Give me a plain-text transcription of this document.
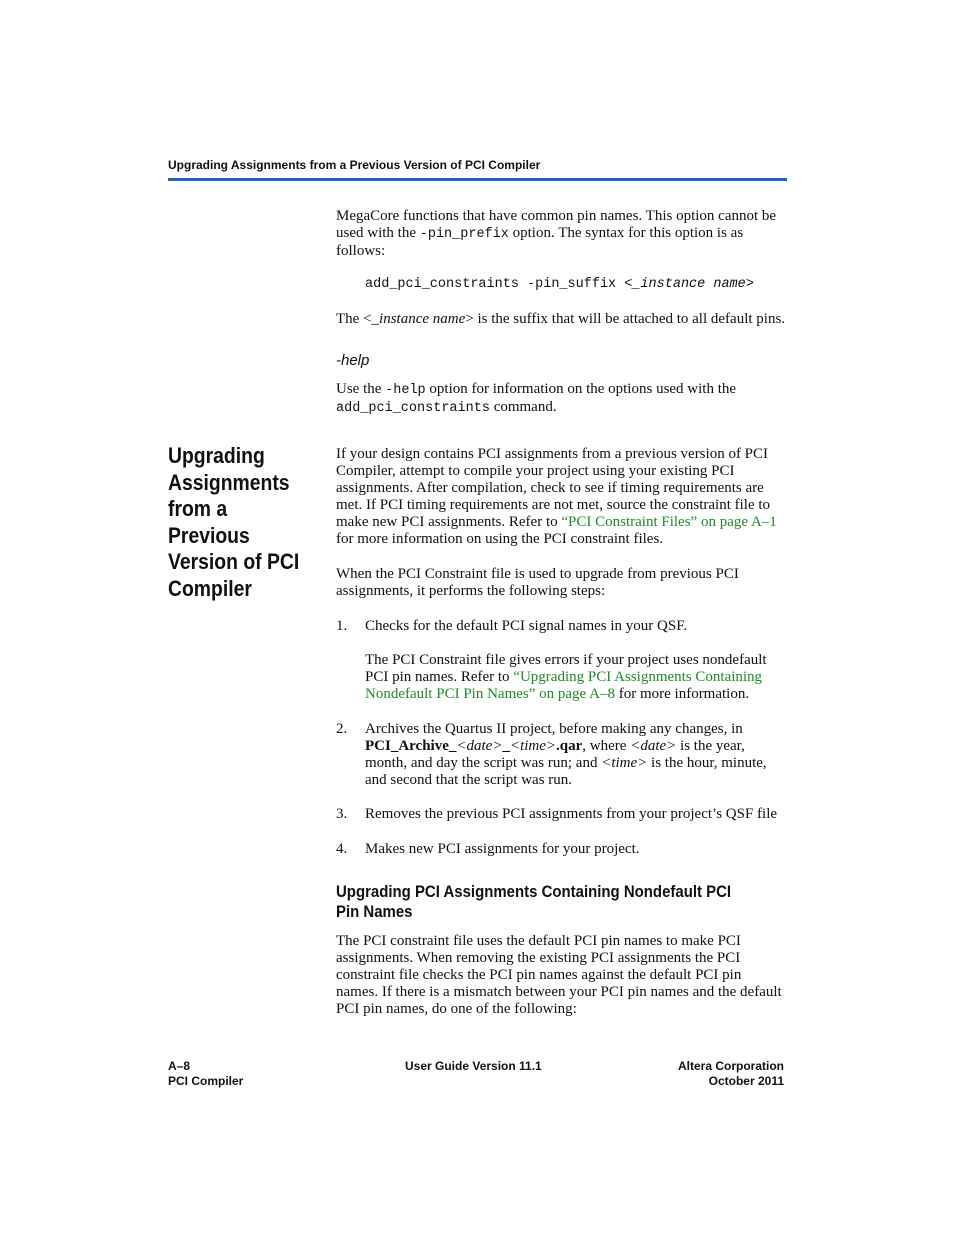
Upgrading Assignments from a Previous Version of PCI Compiler
MegaCore functions that have common pin names. This option cannot be used with the -pin_prefix option. The syntax for this option is as follows:
add_pci_constraints -pin_suffix <_instance name>
The <_instance name> is the suffix that will be attached to all default pins.
-help
Use the -help option for information on the options used with the add_pci_constraints command.
Upgrading Assignments from a Previous Version of PCI Compiler
If your design contains PCI assignments from a previous version of PCI Compiler, attempt to compile your project using your existing PCI assignments. After compilation, check to see if timing requirements are met. If PCI timing requirements are not met, source the constraint file to make new PCI assignments. Refer to “PCI Constraint Files” on page A–1 for more information on using the PCI constraint files.
When the PCI Constraint file is used to upgrade from previous PCI assignments, it performs the following steps:
1.	Checks for the default PCI signal names in your QSF.
The PCI Constraint file gives errors if your project uses nondefault PCI pin names. Refer to “Upgrading PCI Assignments Containing Nondefault PCI Pin Names” on page A–8 for more information.
2.	Archives the Quartus II project, before making any changes, in PCI_Archive_<date>_<time>.qar, where <date> is the year, month, and day the script was run; and <time> is the hour, minute, and second that the script was run.
3.	Removes the previous PCI assignments from your project’s QSF file
4.	Makes new PCI assignments for your project.
Upgrading PCI Assignments Containing Nondefault PCI Pin Names
The PCI constraint file uses the default PCI pin names to make PCI assignments. When removing the existing PCI assignments the PCI constraint file checks the PCI pin names against the default PCI pin names. If there is a mismatch between your PCI pin names and the default PCI pin names, do one of the following:
A–8
PCI Compiler
User Guide Version 11.1	Altera Corporation
October 2011
